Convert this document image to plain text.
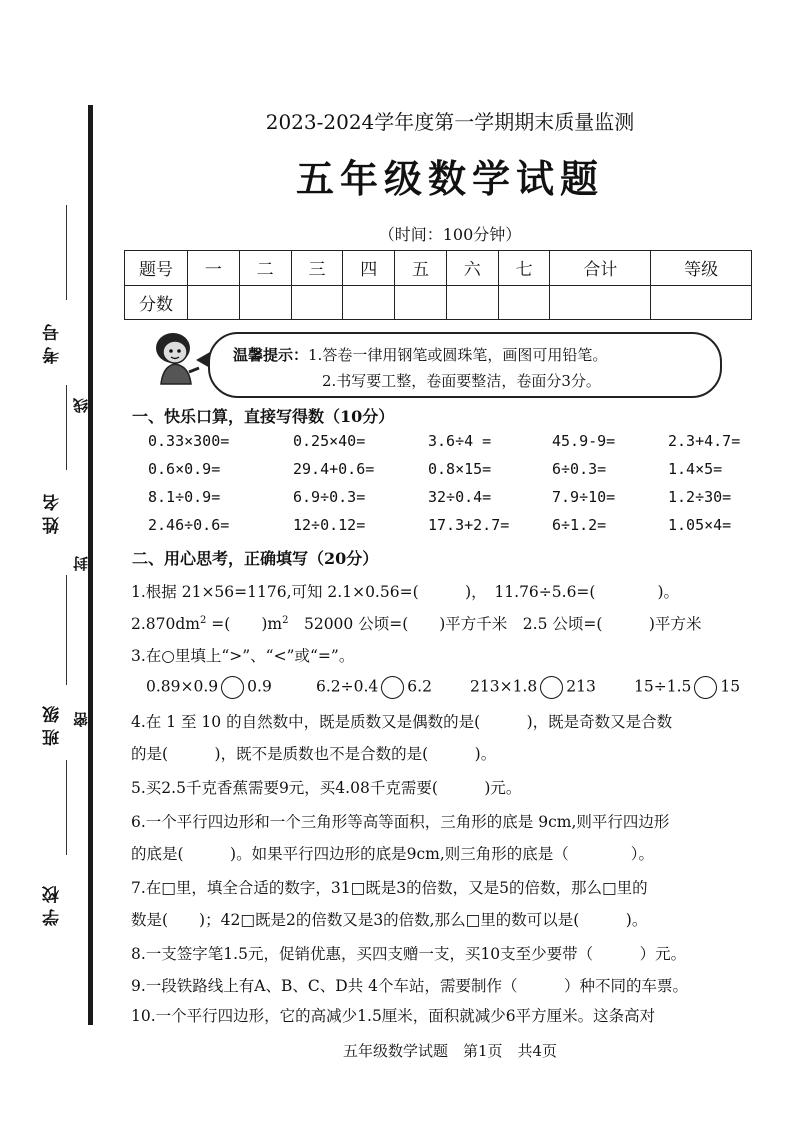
考号
姓名
班级
学校
线
封
密
2023-2024学年度第一学期期末质量监测
五年级数学试题
（时间：100分钟）
题号	一	二	三	四	五	六	七	合计	等级
分数									
温馨提示：1.答卷一律用钢笔或圆珠笔，画图可用铅笔。
2.书写要工整，卷面要整洁，卷面分3分。
一、快乐口算，直接写得数（10分）
0.33×300=	0.25×40=	3.6÷4 =	45.9-9=	2.3+4.7=
0.6×0.9=	29.4+0.6=	0.8×15=	6÷0.3=	1.4×5=
8.1÷0.9=	6.9÷0.3=	32÷0.4=	7.9÷10=	1.2÷30=
2.46÷0.6=	12÷0.12=	17.3+2.7=	6÷1.2=	1.05×4=
二、用心思考，正确填写（20分）
1.根据 21×56=1176,可知 2.1×0.56=(　　　)，　11.76÷5.6=(　　　　)。
$2.870dm^2$ =(　　)$m^2$　52000 公顷=(　　)平方千米　2.5 公顷=(　　　)平方米
3.在○里填上“>”、“<”或“=”。
0.89×0.9 0.9	6.2÷0.4 6.2 213×1.8 213 15÷1.5 15
4.在 1 至 10 的自然数中，既是质数又是偶数的是(　　　)，既是奇数又是合数
的是(　　　)，既不是质数也不是合数的是(　　　)。
5.买2.5千克香蕉需要9元，买4.08千克需要(　　　)元。
6.一个平行四边形和一个三角形等高等面积，三角形的底是 9cm,则平行四边形
的底是(　　　)。如果平行四边形的底是9cm,则三角形的底是（　　　　）。
7.在□里，填全合适的数字，31□既是3的倍数，又是5的倍数，那么□里的
数是(　　)；42□既是2的倍数又是3的倍数,那么□里的数可以是(　　　)。
8.一支签字笔1.5元，促销优惠，买四支赠一支，买10支至少要带（　　　）元。
9.一段铁路线上有A、B、C、D共 4个车站，需要制作（　　　）种不同的车票。
10.一个平行四边形，它的高减少1.5厘米，面积就减少6平方厘米。这条高对
五年级数学试题　第1页　共4页
